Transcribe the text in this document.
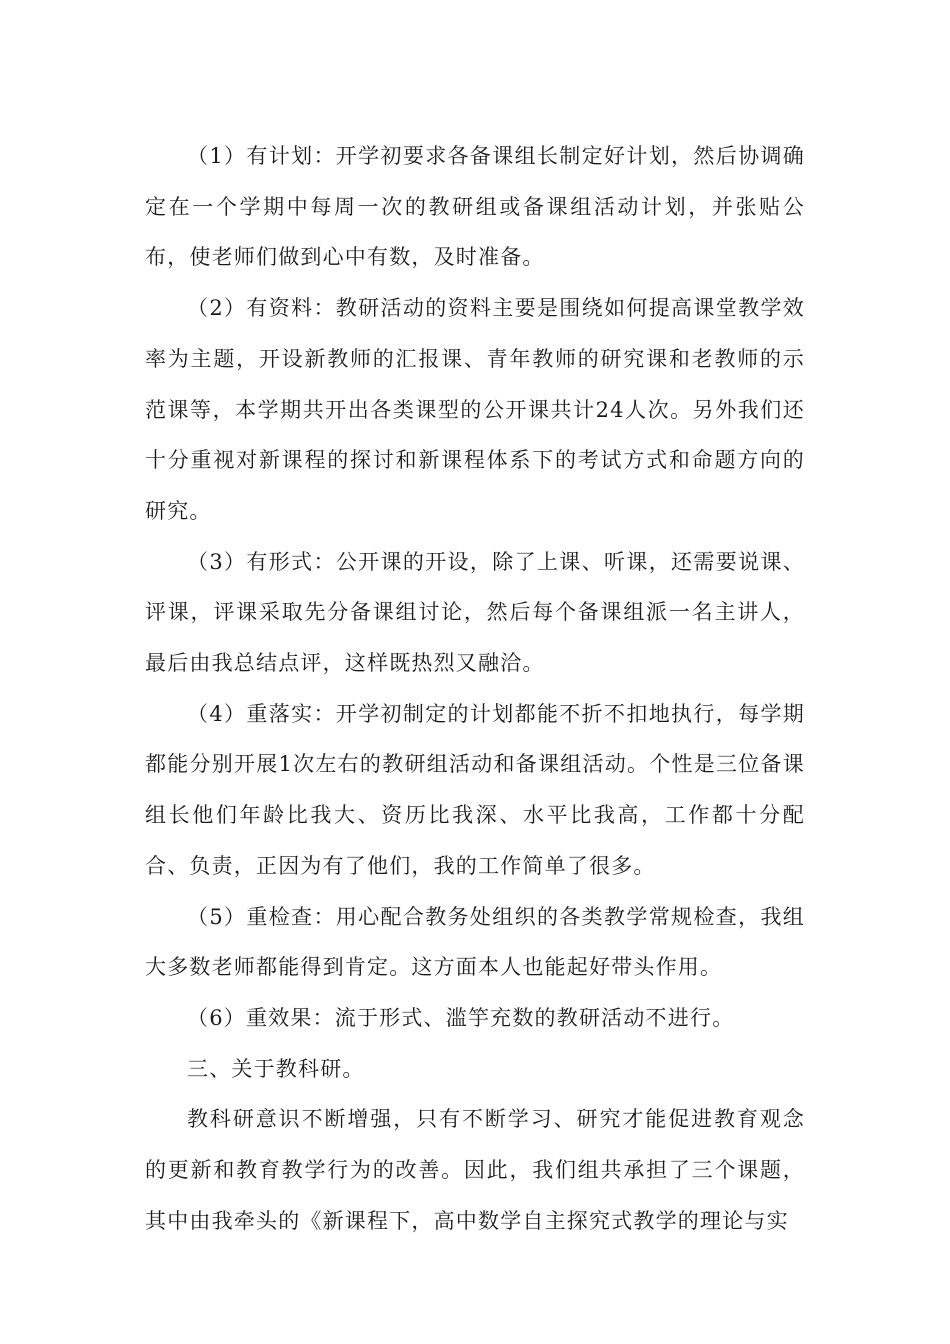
（1）有计划：开学初要求各备课组长制定好计划，然后协调确定在一个学期中每周一次的教研组或备课组活动计划，并张贴公布，使老师们做到心中有数，及时准备。

（2）有资料：教研活动的资料主要是围绕如何提高课堂教学效率为主题，开设新教师的汇报课、青年教师的研究课和老教师的示范课等，本学期共开出各类课型的公开课共计24人次。另外我们还十分重视对新课程的探讨和新课程体系下的考试方式和命题方向的研究。

（3）有形式：公开课的开设，除了上课、听课，还需要说课、评课，评课采取先分备课组讨论，然后每个备课组派一名主讲人，最后由我总结点评，这样既热烈又融洽。

（4）重落实：开学初制定的计划都能不折不扣地执行，每学期都能分别开展1次左右的教研组活动和备课组活动。个性是三位备课组长他们年龄比我大、资历比我深、水平比我高，工作都十分配合、负责，正因为有了他们，我的工作简单了很多。

（5）重检查：用心配合教务处组织的各类教学常规检查，我组大多数老师都能得到肯定。这方面本人也能起好带头作用。

（6）重效果：流于形式、滥竽充数的教研活动不进行。

三、关于教科研。

教科研意识不断增强，只有不断学习、研究才能促进教育观念的更新和教育教学行为的改善。因此，我们组共承担了三个课题，其中由我牵头的《新课程下，高中数学自主探究式教学的理论与实
